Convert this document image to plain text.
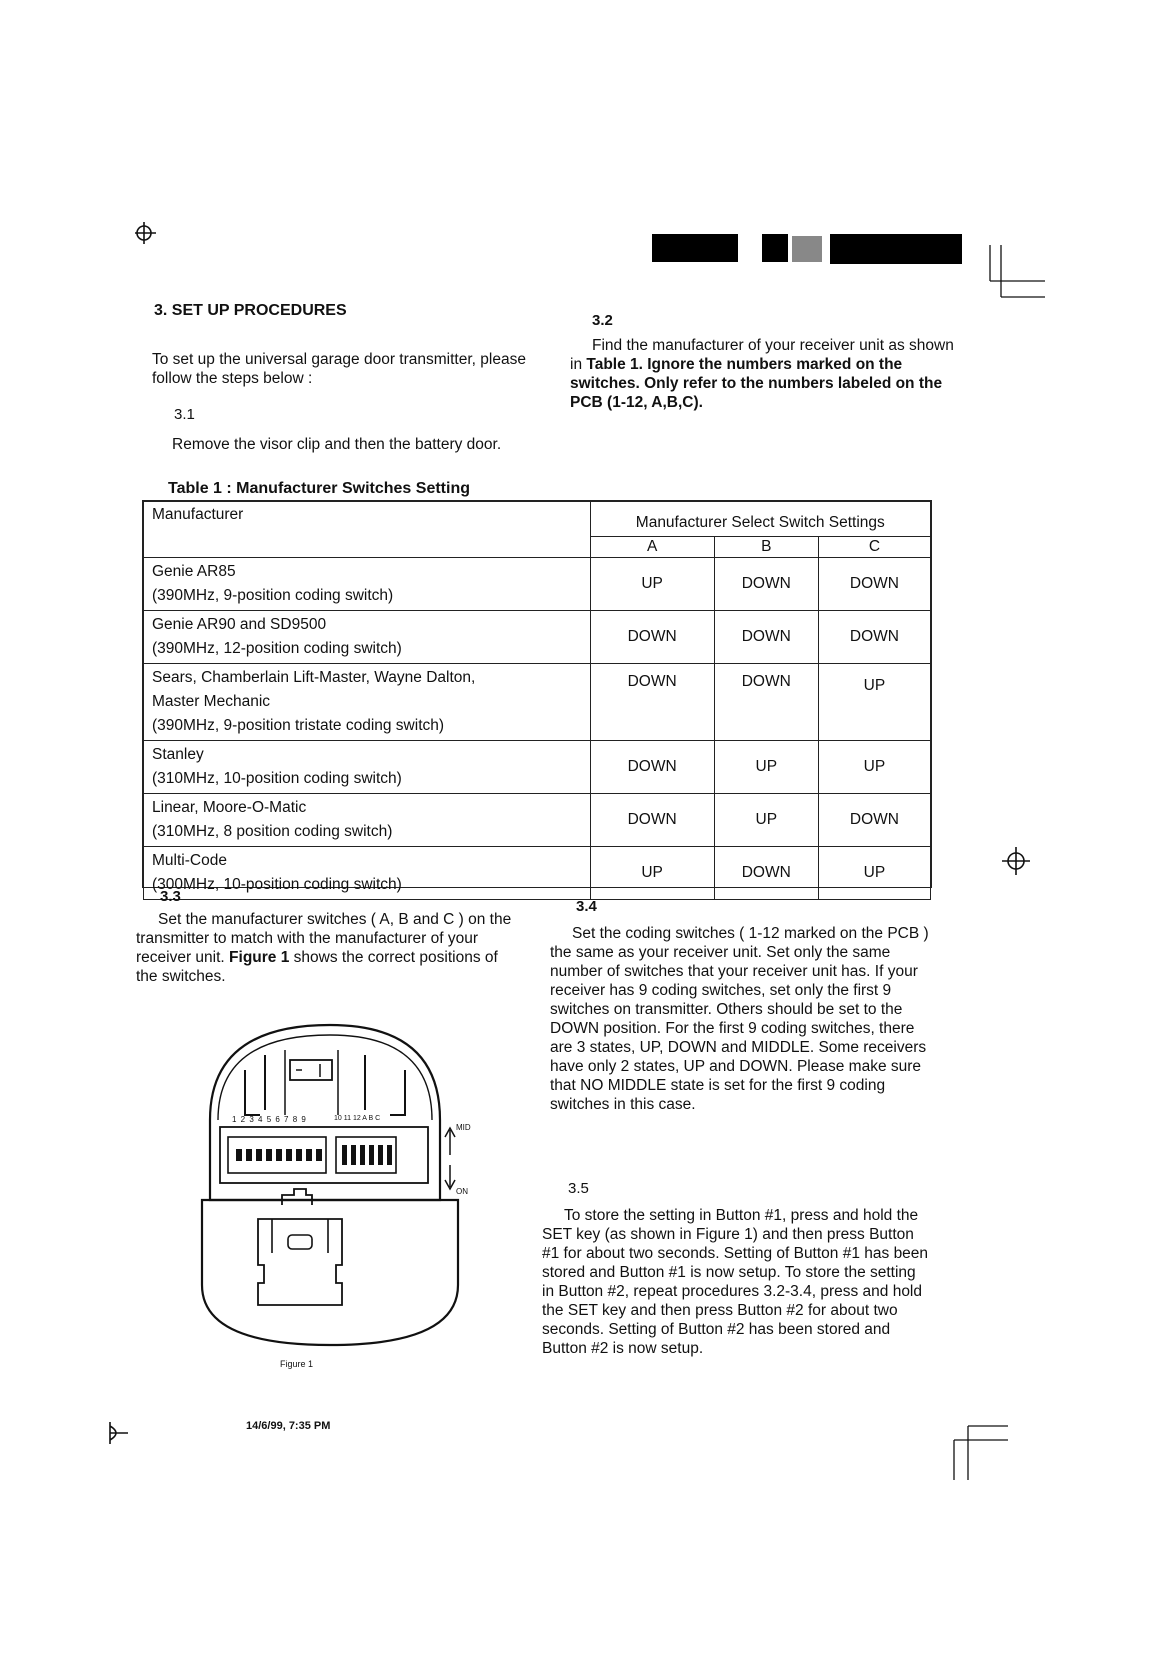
3. SET UP PROCEDURES

To set up the universal garage door transmitter, please follow the steps below :

3.1

Remove the visor clip and then the battery door.

3.2

Find the manufacturer of your receiver unit as shown in Table 1. Ignore the numbers marked on the switches. Only refer to the numbers labeled on the PCB (1-12, A,B,C).

Table 1 : Manufacturer Switches Setting
Manufacturer	Manufacturer Select Switch Settings		
	A	B	C

Genie AR85
(390MHz, 9-position coding switch)	UP	DOWN	DOWN

Genie AR90 and SD9500
(390MHz, 12-position coding switch)	DOWN	DOWN	DOWN

Sears, Chamberlain Lift-Master, Wayne Dalton,
Master Mechanic
(390MHz, 9-position tristate coding switch)	DOWN	DOWN	UP

Stanley
(310MHz, 10-position coding switch)	DOWN	UP	UP

Linear, Moore-O-Matic
(310MHz, 8 position coding switch)	DOWN	UP	DOWN

Multi-Code
(300MHz, 10-position coding switch)	UP	DOWN	UP
3.3

Set the manufacturer switches ( A, B and C ) on the transmitter to match with the manufacturer of your receiver unit. Figure 1 shows the correct positions of the switches.

3.4

Set the coding switches ( 1-12 marked on the PCB ) the same as your receiver unit. Set only the same number of switches that your receiver unit has. If your receiver has 9 coding switches, set only the first 9 switches on transmitter. Others should be set to the DOWN position. For the first 9 coding switches, there are 3 states, UP, DOWN and MIDDLE. Some receivers have only 2 states, UP and DOWN. Please make sure that NO MIDDLE state is set for the first 9 coding switches in this case.

3.5

To store the setting in Button #1, press and hold the SET key (as shown in Figure 1) and then press Button #1 for about two seconds. Setting of Button #1 has been stored and Button #1 is now setup. To store the setting in Button #2, repeat procedures 3.2-3.4, press and hold the SET key and then press Button #2 for about two seconds. Setting of Button #2 has been stored and Button #2 is now setup.

1 2 3 4 5 6 7 8 9	10 11 12 A B C
MID
ON
Figure 1
14/6/99, 7:35 PM
